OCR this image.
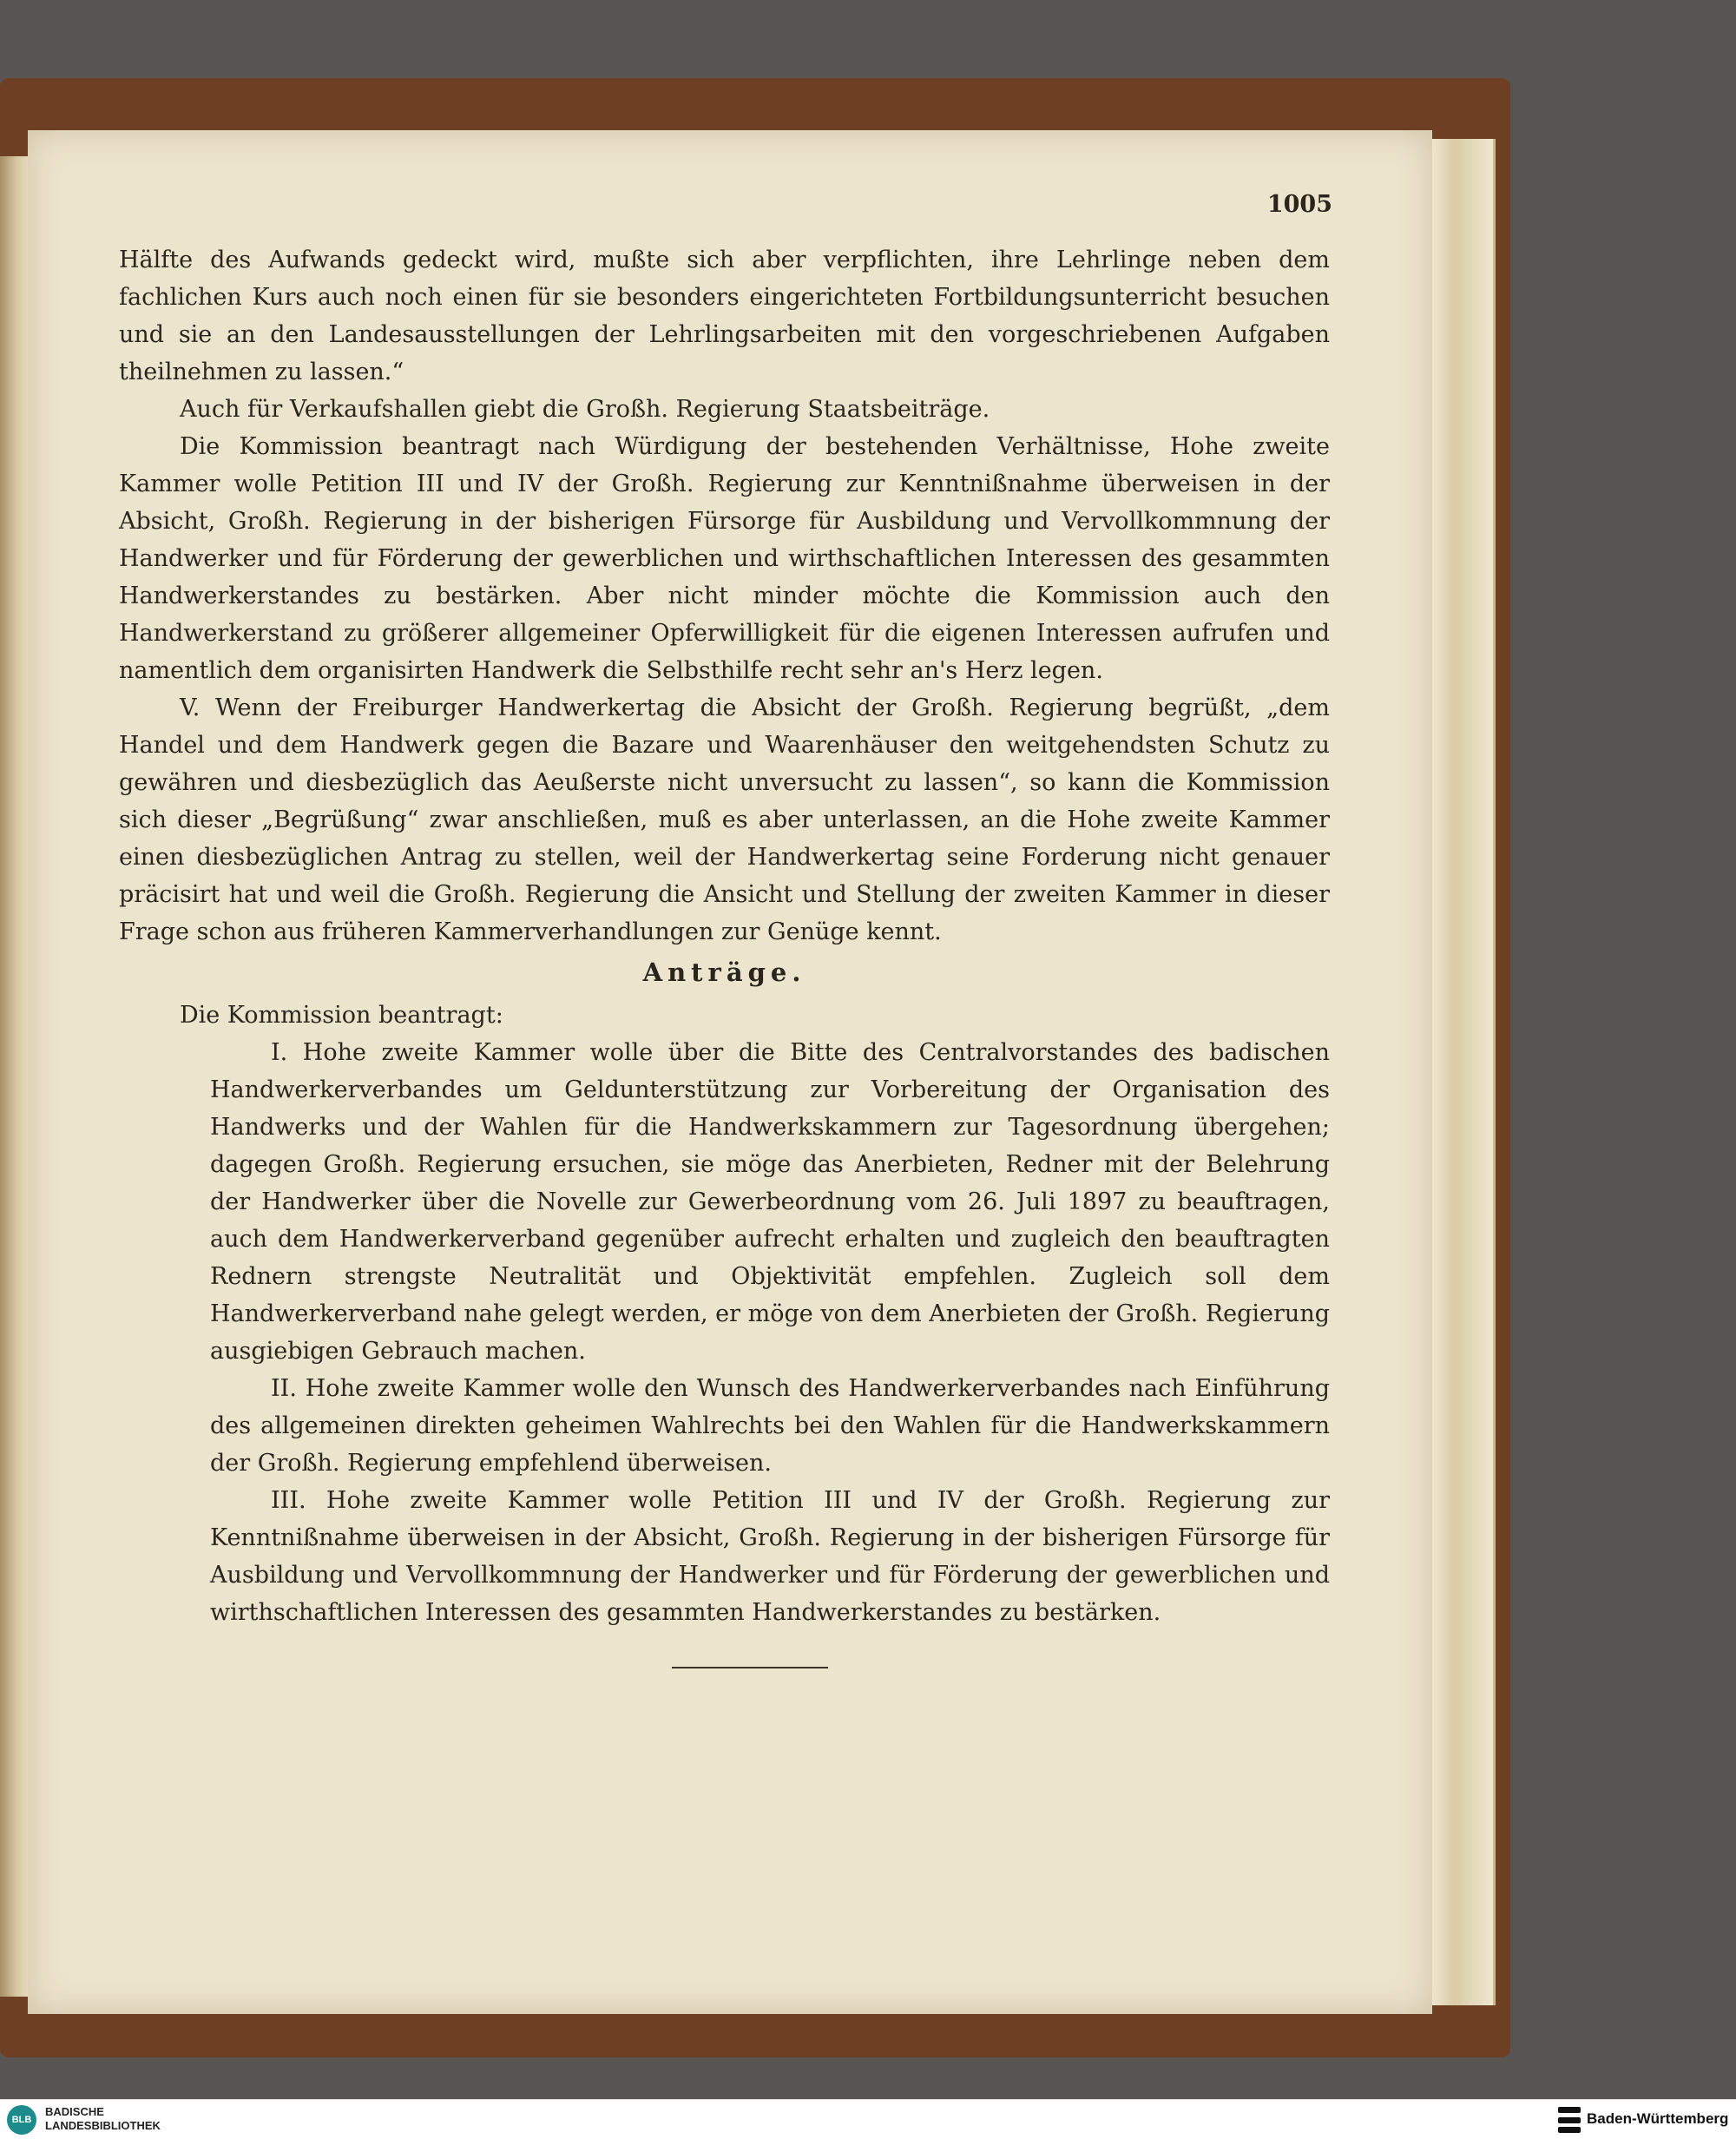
1005

Hälfte des Aufwands gedeckt wird, mußte sich aber verpflichten, ihre Lehrlinge neben dem fachlichen Kurs auch noch einen für sie besonders eingerichteten Fortbildungsunterricht besuchen und sie an den Landesausstellungen der Lehrlingsarbeiten mit den vorgeschriebenen Aufgaben theilnehmen zu lassen.“

Auch für Verkaufshallen giebt die Großh. Regierung Staatsbeiträge.

Die Kommission beantragt nach Würdigung der bestehenden Verhältnisse, Hohe zweite Kammer wolle Petition III und IV der Großh. Regierung zur Kenntnißnahme überweisen in der Absicht, Großh. Regierung in der bisherigen Fürsorge für Ausbildung und Vervollkommnung der Handwerker und für Förderung der gewerblichen und wirthschaftlichen Interessen des gesammten Handwerkerstandes zu bestärken. Aber nicht minder möchte die Kommission auch den Handwerkerstand zu größerer allgemeiner Opferwilligkeit für die eigenen Interessen aufrufen und namentlich dem organisirten Handwerk die Selbsthilfe recht sehr an's Herz legen.

V. Wenn der Freiburger Handwerkertag die Absicht der Großh. Regierung begrüßt, „dem Handel und dem Handwerk gegen die Bazare und Waarenhäuser den weitgehendsten Schutz zu gewähren und diesbezüglich das Aeußerste nicht unversucht zu lassen“, so kann die Kommission sich dieser „Begrüßung“ zwar anschließen, muß es aber unterlassen, an die Hohe zweite Kammer einen diesbezüglichen Antrag zu stellen, weil der Handwerkertag seine Forderung nicht genauer präcisirt hat und weil die Großh. Regierung die Ansicht und Stellung der zweiten Kammer in dieser Frage schon aus früheren Kammerverhandlungen zur Genüge kennt.

Anträge.

Die Kommission beantragt:

I. Hohe zweite Kammer wolle über die Bitte des Centralvorstandes des badischen Handwerkerverbandes um Geldunterstützung zur Vorbereitung der Organisation des Handwerks und der Wahlen für die Handwerkskammern zur Tagesordnung übergehen; dagegen Großh. Regierung ersuchen, sie möge das Anerbieten, Redner mit der Belehrung der Handwerker über die Novelle zur Gewerbeordnung vom 26. Juli 1897 zu beauftragen, auch dem Handwerkerverband gegenüber aufrecht erhalten und zugleich den beauftragten Rednern strengste Neutralität und Objektivität empfehlen. Zugleich soll dem Handwerkerverband nahe gelegt werden, er möge von dem Anerbieten der Großh. Regierung ausgiebigen Gebrauch machen.

II. Hohe zweite Kammer wolle den Wunsch des Handwerkerverbandes nach Einführung des allgemeinen direkten geheimen Wahlrechts bei den Wahlen für die Handwerkskammern der Großh. Regierung empfehlend überweisen.

III. Hohe zweite Kammer wolle Petition III und IV der Großh. Regierung zur Kenntnißnahme überweisen in der Absicht, Großh. Regierung in der bisherigen Fürsorge für Ausbildung und Vervollkommnung der Handwerker und für Förderung der gewerblichen und wirthschaftlichen Interessen des gesammten Handwerkerstandes zu bestärken.

BLB
BADISCHE
LANDESBIBLIOTHEK	Baden-Württemberg
